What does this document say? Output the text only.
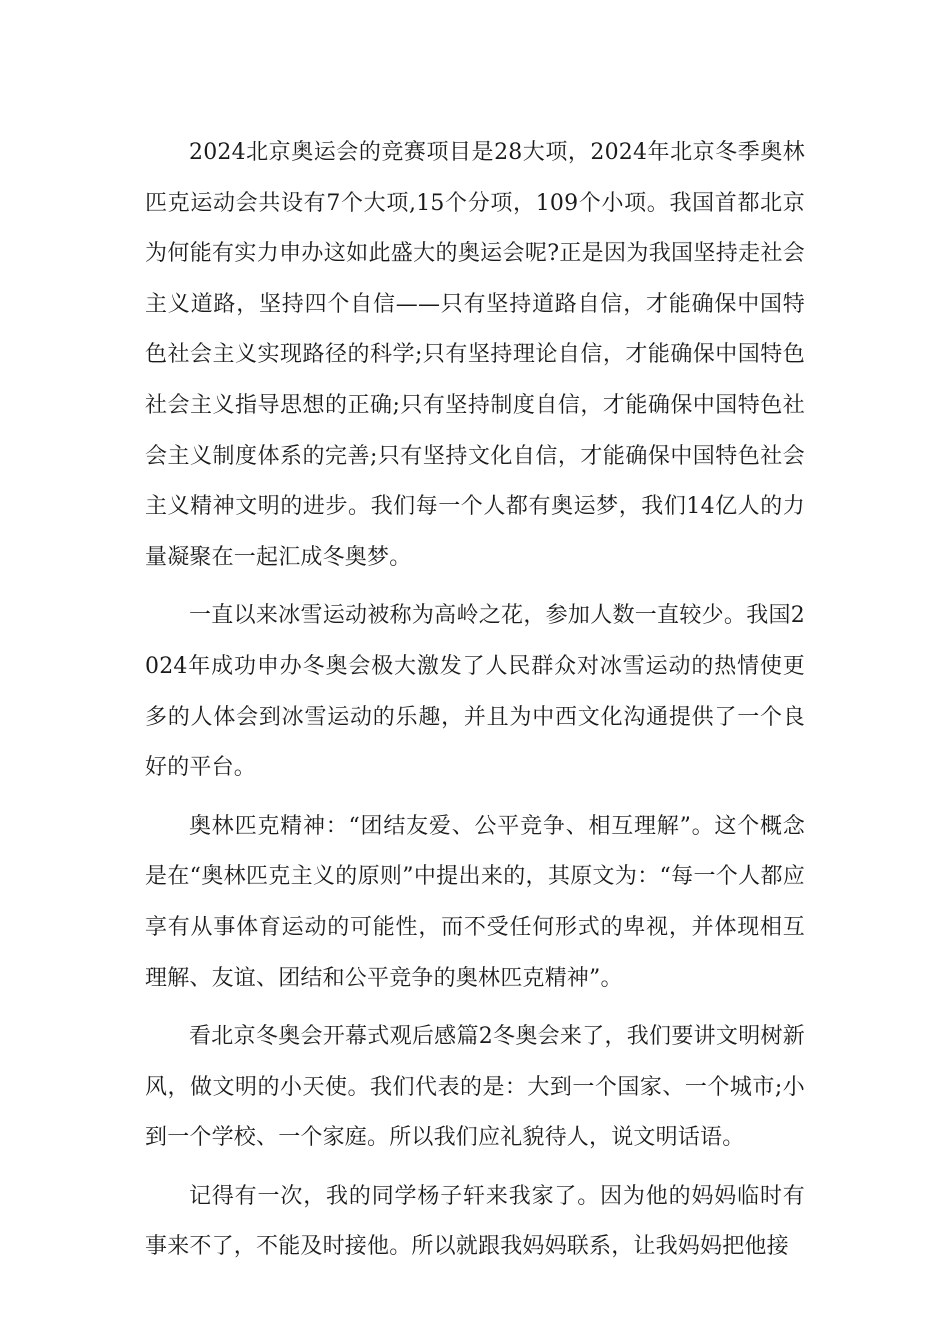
2024北京奥运会的竞赛项目是28大项，2024年北京冬季奥林匹克运动会共设有7个大项,15个分项，109个小项。我国首都北京为何能有实力申办这如此盛大的奥运会呢?正是因为我国坚持走社会主义道路，坚持四个自信——只有坚持道路自信，才能确保中国特色社会主义实现路径的科学;只有坚持理论自信，才能确保中国特色社会主义指导思想的正确;只有坚持制度自信，才能确保中国特色社会主义制度体系的完善;只有坚持文化自信，才能确保中国特色社会主义精神文明的进步。我们每一个人都有奥运梦，我们14亿人的力量凝聚在一起汇成冬奥梦。

一直以来冰雪运动被称为高岭之花，参加人数一直较少。我国2024年成功申办冬奥会极大激发了人民群众对冰雪运动的热情使更多的人体会到冰雪运动的乐趣，并且为中西文化沟通提供了一个良好的平台。

奥林匹克精神：“团结友爱、公平竞争、相互理解”。这个概念是在“奥林匹克主义的原则”中提出来的，其原文为：“每一个人都应享有从事体育运动的可能性，而不受任何形式的卑视，并体现相互理解、友谊、团结和公平竞争的奥林匹克精神”。

看北京冬奥会开幕式观后感篇2冬奥会来了，我们要讲文明树新风，做文明的小天使。我们代表的是：大到一个国家、一个城市;小到一个学校、一个家庭。所以我们应礼貌待人，说文明话语。

记得有一次，我的同学杨子轩来我家了。因为他的妈妈临时有事来不了，不能及时接他。所以就跟我妈妈联系，让我妈妈把他接
